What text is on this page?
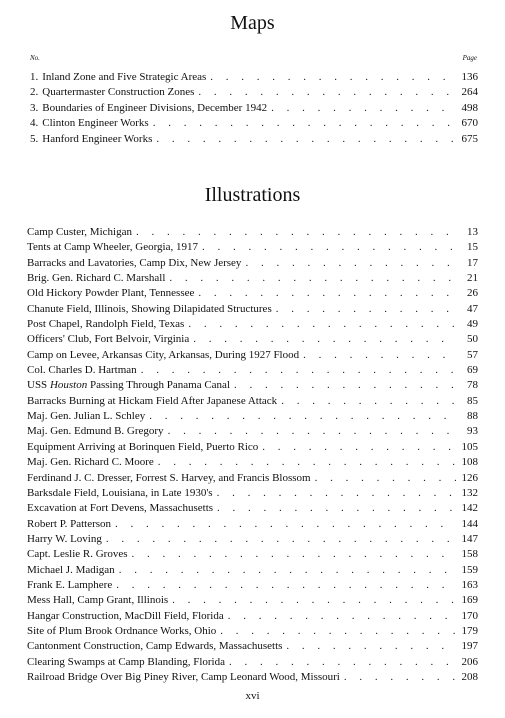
Maps
No.	Page
1. Inland Zone and Five Strategic Areas . . .	136
2. Quartermaster Construction Zones . . .	264
3. Boundaries of Engineer Divisions, December 1942 . . .	498
4. Clinton Engineer Works . . .	670
5. Hanford Engineer Works . . .	675
Illustrations
Camp Custer, Michigan . . .	13
Tents at Camp Wheeler, Georgia, 1917 . . .	15
Barracks and Lavatories, Camp Dix, New Jersey . . .	17
Brig. Gen. Richard C. Marshall . . .	21
Old Hickory Powder Plant, Tennessee . . .	26
Chanute Field, Illinois, Showing Dilapidated Structures . . .	47
Post Chapel, Randolph Field, Texas . . .	49
Officers' Club, Fort Belvoir, Virginia . . .	50
Camp on Levee, Arkansas City, Arkansas, During 1927 Flood . . .	57
Col. Charles D. Hartman . . .	69
USS Houston Passing Through Panama Canal . . .	78
Barracks Burning at Hickam Field After Japanese Attack . . .	85
Maj. Gen. Julian L. Schley . . .	88
Maj. Gen. Edmund B. Gregory . . .	93
Equipment Arriving at Borinquen Field, Puerto Rico . . .	105
Maj. Gen. Richard C. Moore . . .	108
Ferdinand J. C. Dresser, Forrest S. Harvey, and Francis Blossom . . .	126
Barksdale Field, Louisiana, in Late 1930's . . .	132
Excavation at Fort Devens, Massachusetts . . .	142
Robert P. Patterson . . .	144
Harry W. Loving . . .	147
Capt. Leslie R. Groves . . .	158
Michael J. Madigan . . .	159
Frank E. Lamphere . . .	163
Mess Hall, Camp Grant, Illinois . . .	169
Hangar Construction, MacDill Field, Florida . . .	170
Site of Plum Brook Ordnance Works, Ohio . . .	179
Cantonment Construction, Camp Edwards, Massachusetts . . .	197
Clearing Swamps at Camp Blanding, Florida . . .	206
Railroad Bridge Over Big Piney River, Camp Leonard Wood, Missouri . . .	208
xvi
